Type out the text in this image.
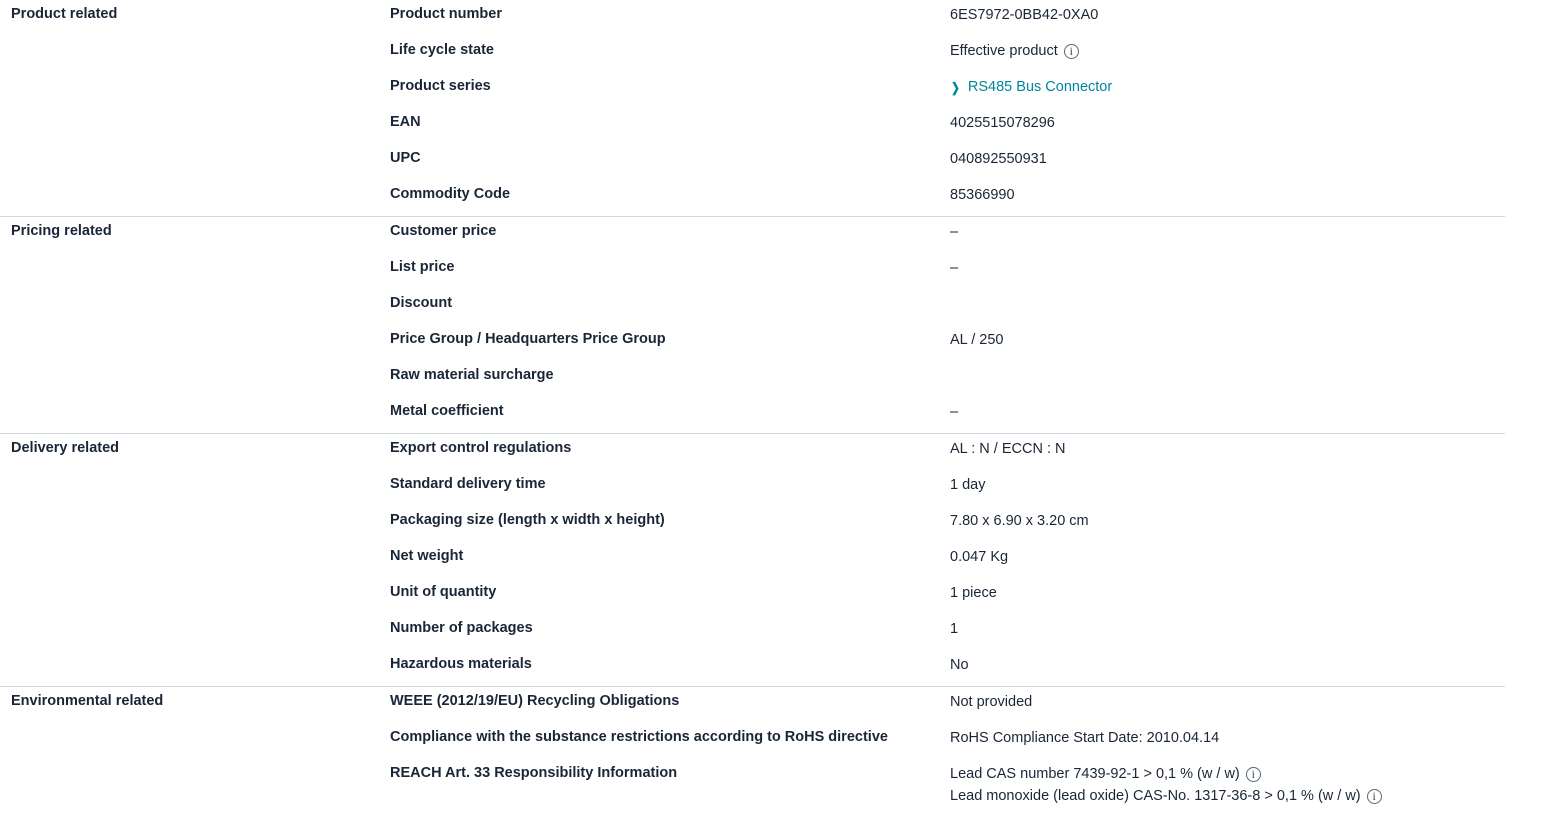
Product related	Product number	6ES7972-0BB42-0XA0
Life cycle state	Effective product
i
Product series	❯ RS485 Bus Connector
EAN	4025515078296
UPC	040892550931
Commodity Code	85366990
Pricing related	Customer price	–
List price	–
Discount
Price Group / Headquarters Price Group	AL / 250
Raw material surcharge
Metal coefficient	–
Delivery related	Export control regulations	AL : N / ECCN : N
Standard delivery time	1 day
Packaging size (length x width x height)	7.80 x 6.90 x 3.20 cm
Net weight	0.047 Kg
Unit of quantity	1 piece
Number of packages	1
Hazardous materials	No
Environmental related	WEEE (2012/19/EU) Recycling Obligations	Not provided
Compliance with the substance restrictions according to RoHS directive	RoHS Compliance Start Date: 2010.04.14
REACH Art. 33 Responsibility Information	Lead CAS number 7439-92-1 > 0,1 % (w / w)
i
Lead monoxide (lead oxide) CAS-No. 1317-36-8 > 0,1 % (w / w)
i
